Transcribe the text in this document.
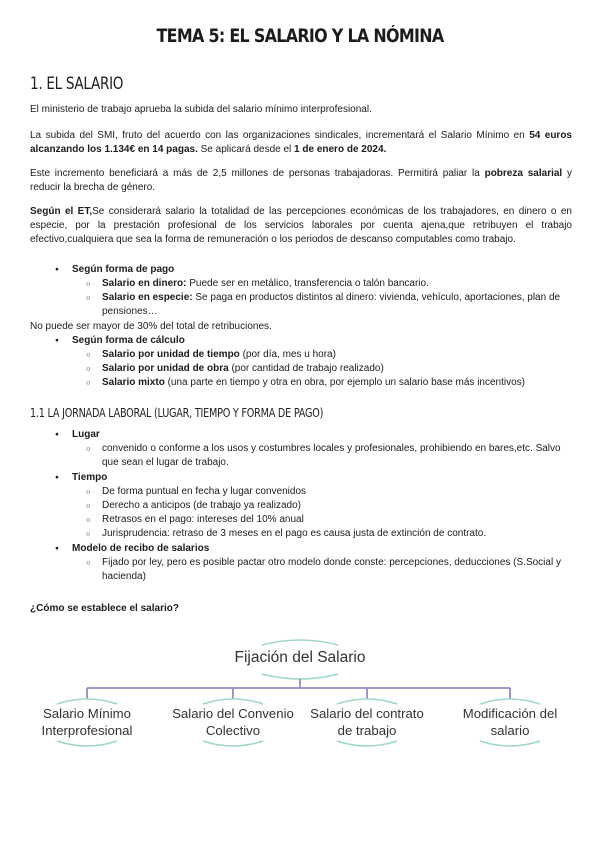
TEMA 5: EL SALARIO Y LA NÓMINA
1. EL SALARIO

El ministerio de trabajo aprueba la subida del salario mínimo interprofesional.

La subida del SMI, fruto del acuerdo con las organizaciones sindicales, incrementará el Salario Mínimo en 54 euros alcanzando los 1.134€ en 14 pagas. Se aplicará desde el 1 de enero de 2024.

Este incremento beneficiará a más de 2,5 millones de personas trabajadoras. Permitirá paliar la pobreza salarial y reducir la brecha de género.

Según el ET,Se considerará salario la totalidad de las percepciones económicas de los trabajadores, en dinero o en especie, por la prestación profesional de los servicios laborales por cuenta ajena,que retribuyen el trabajo efectivo,cualquiera que sea la forma de remuneración o los periodos de descanso computables como trabajo.

● Según forma de pago
○ Salario en dinero: Puede ser en metálico, transferencia o talón bancario.
○ Salario en especie: Se paga en productos distintos al dinero: vivienda, vehículo, aportaciones, plan de pensiones…

No puede ser mayor de 30% del total de retribuciones.

● Según forma de cálculo
○ Salario por unidad de tiempo (por día, mes u hora)
○ Salario por unidad de obra (por cantidad de trabajo realizado)
○ Salario mixto (una parte en tiempo y otra en obra, por ejemplo un salario base más incentivos)
1.1 LA JORNADA LABORAL (LUGAR, TIEMPO Y FORMA DE PAGO)
● Lugar
○ convenido o conforme a los usos y costumbres locales y profesionales, prohibiendo en bares,etc. Salvo que sean el lugar de trabajo.
● Tiempo
○ De forma puntual en fecha y lugar convenidos
○ Derecho a anticipos (de trabajo ya realizado)
○ Retrasos en el pago: intereses del 10% anual
○ Jurisprudencia: retraso de 3 meses en el pago es causa justa de extinción de contrato.
● Modelo de recibo de salarios
○ Fijado por ley, pero es posible pactar otro modelo donde conste: percepciones, deducciones (S.Social y hacienda)
¿Cómo se establece el salario?
Fijación del Salario
Salario Mínimo Interprofesional
Salario del Convenio Colectivo
Salario del contrato de trabajo
Modificación del salario
